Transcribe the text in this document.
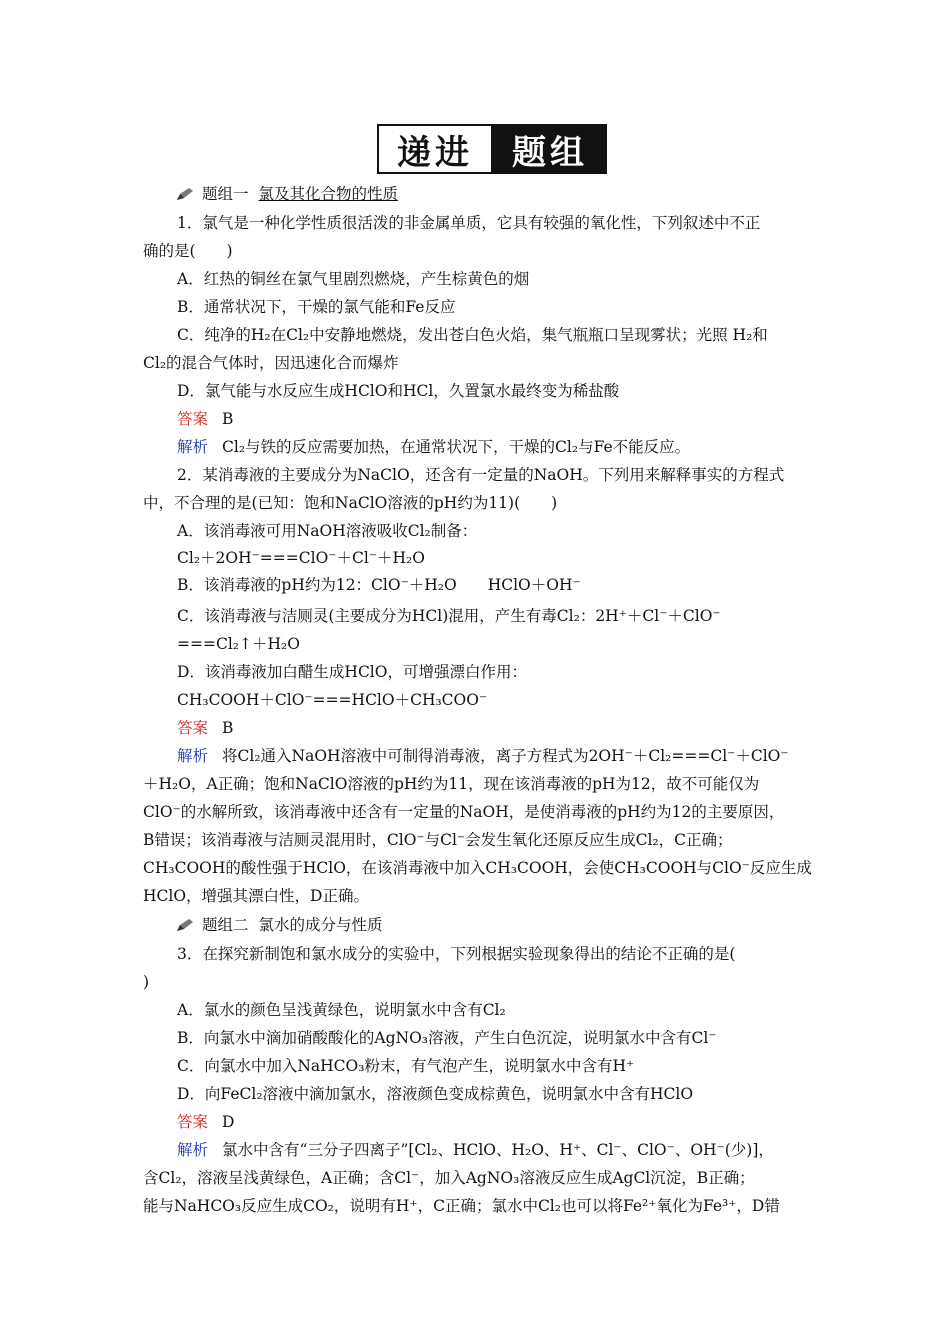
递进	题组
题组一 氯及其化合物的性质
1．氯气是一种化学性质很活泼的非金属单质，它具有较强的氧化性，下列叙述中不正
确的是(　　)
A．红热的铜丝在氯气里剧烈燃烧，产生棕黄色的烟
B．通常状况下，干燥的氯气能和Fe反应
C．纯净的H₂在Cl₂中安静地燃烧，发出苍白色火焰，集气瓶瓶口呈现雾状；光照 H₂和
Cl₂的混合气体时，因迅速化合而爆炸
D．氯气能与水反应生成HClO和HCl，久置氯水最终变为稀盐酸
答案 B
解析 Cl₂与铁的反应需要加热，在通常状况下，干燥的Cl₂与Fe不能反应。
2．某消毒液的主要成分为NaClO，还含有一定量的NaOH。下列用来解释事实的方程式
中，不合理的是(已知：饱和NaClO溶液的pH约为11)(　　)
A．该消毒液可用NaOH溶液吸收Cl₂制备：
Cl₂＋2OH⁻===ClO⁻＋Cl⁻＋H₂O
B．该消毒液的pH约为12：ClO⁻＋H₂O　　HClO＋OH⁻
C．该消毒液与洁厕灵(主要成分为HCl)混用，产生有毒Cl₂：2H⁺＋Cl⁻＋ClO⁻
===Cl₂↑＋H₂O
D．该消毒液加白醋生成HClO，可增强漂白作用：
CH₃COOH＋ClO⁻===HClO＋CH₃COO⁻
答案 B
解析 将Cl₂通入NaOH溶液中可制得消毒液，离子方程式为2OH⁻＋Cl₂===Cl⁻＋ClO⁻
＋H₂O，A正确；饱和NaClO溶液的pH约为11，现在该消毒液的pH为12，故不可能仅为
ClO⁻的水解所致，该消毒液中还含有一定量的NaOH，是使消毒液的pH约为12的主要原因，
B错误；该消毒液与洁厕灵混用时，ClO⁻与Cl⁻会发生氧化还原反应生成Cl₂，C正确；
CH₃COOH的酸性强于HClO，在该消毒液中加入CH₃COOH，会使CH₃COOH与ClO⁻反应生成
HClO，增强其漂白性，D正确。
题组二 氯水的成分与性质
3．在探究新制饱和氯水成分的实验中，下列根据实验现象得出的结论不正确的是(
)
A．氯水的颜色呈浅黄绿色，说明氯水中含有Cl₂
B．向氯水中滴加硝酸酸化的AgNO₃溶液，产生白色沉淀，说明氯水中含有Cl⁻
C．向氯水中加入NaHCO₃粉末，有气泡产生，说明氯水中含有H⁺
D．向FeCl₂溶液中滴加氯水，溶液颜色变成棕黄色，说明氯水中含有HClO
答案 D
解析 氯水中含有“三分子四离子”[Cl₂、HClO、H₂O、H⁺、Cl⁻、ClO⁻、OH⁻(少)]，
含Cl₂，溶液呈浅黄绿色，A正确；含Cl⁻，加入AgNO₃溶液反应生成AgCl沉淀，B正确；
能与NaHCO₃反应生成CO₂，说明有H⁺，C正确；氯水中Cl₂也可以将Fe²⁺氧化为Fe³⁺，D错
